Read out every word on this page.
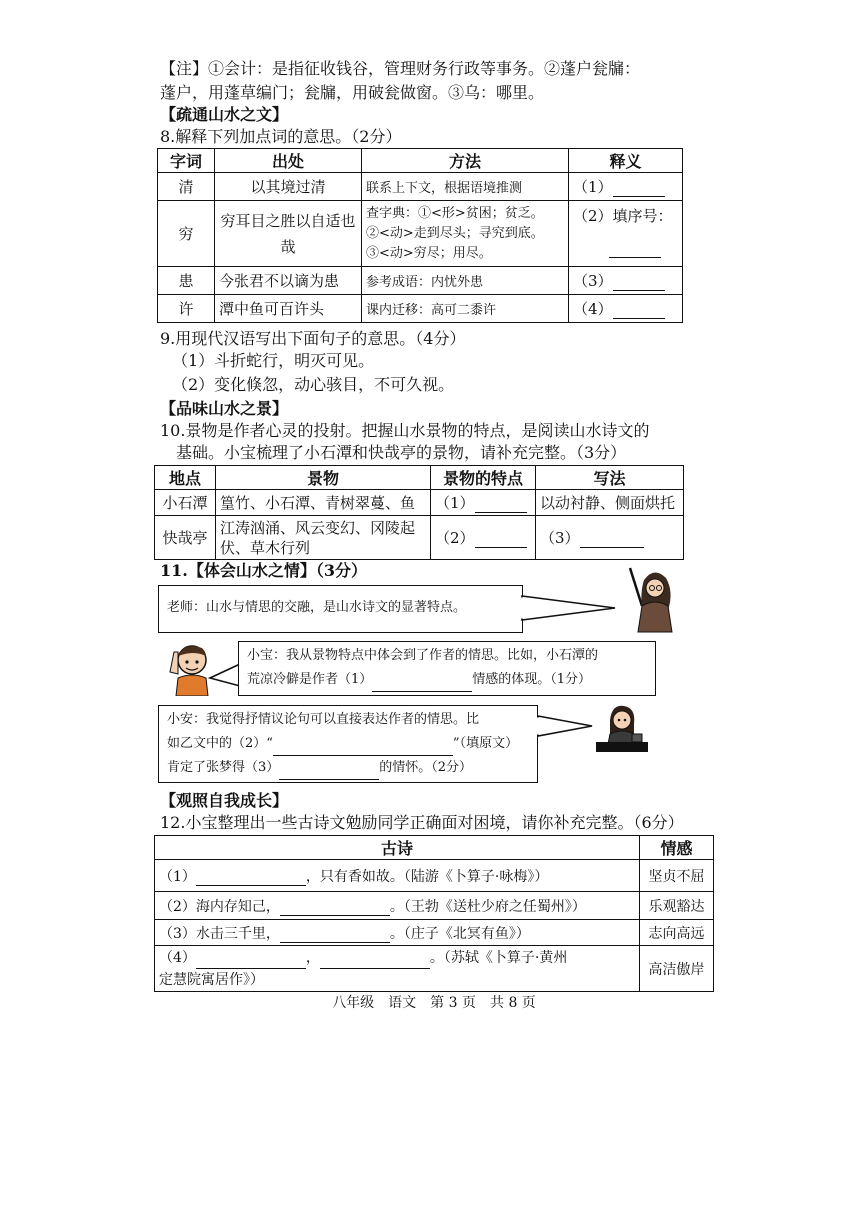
【注】①会计：是指征收钱谷，管理财务行政等事务。②蓬户瓮牖：
蓬户，用蓬草编门；瓮牖，用破瓮做窗。③乌：哪里。
【疏通山水之文】
8.解释下列加点词的意思。（2分）
字词	出处	方法	释义
清	以其境过清	联系上下文，根据语境推测	（1）
穷	穷耳目之胜以自适也哉	查字典：①<形>贫困；贫乏。②<动>走到尽头；寻究到底。③<动>穷尽；用尽。	（2）填序号：

患	今张君不以谪为患	参考成语：内忧外患	（3）
许	潭中鱼可百许头	课内迁移：高可二黍许	（4）
9.用现代汉语写出下面句子的意思。（4分）
（1）斗折蛇行，明灭可见。
（2）变化倏忽，动心骇目，不可久视。
【品味山水之景】
10.景物是作者心灵的投射。把握山水景物的特点，是阅读山水诗文的
基础。小宝梳理了小石潭和快哉亭的景物，请补充完整。（3分）
地点	景物	景物的特点	写法
小石潭	篁竹、小石潭、青树翠蔓、鱼	（1）	以动衬静、侧面烘托
快哉亭	江涛汹涌、风云变幻、冈陵起伏、草木行列	（2）	（3）
11.【体会山水之情】（3分）
老师：山水与情思的交融，是山水诗文的显著特点。
小宝：我从景物特点中体会到了作者的情思。比如，小石潭的
荒凉冷僻是作者（1）	情感的体现。（1分）
小安：我觉得抒情议论句可以直接表达作者的情思。比
如乙文中的（2）“	”（填原文）
肯定了张梦得（3）	的情怀。（2分）
【观照自我成长】
12.小宝整理出一些古诗文勉励同学正确面对困境，请你补充完整。（6分）
古诗	情感
（1） ，只有香如故。（陆游《卜算子·咏梅》）	坚贞不屈
（2）海内存知己， 。（王勃《送杜少府之任蜀州》）	乐观豁达
（3）水击三千里， 。（庄子《北冥有鱼》）	志向高远

（4） ， 。（苏轼《卜算子·黄州
定慧院寓居作》）	高洁傲岸
八年级　语文　第 3 页　共 8 页
